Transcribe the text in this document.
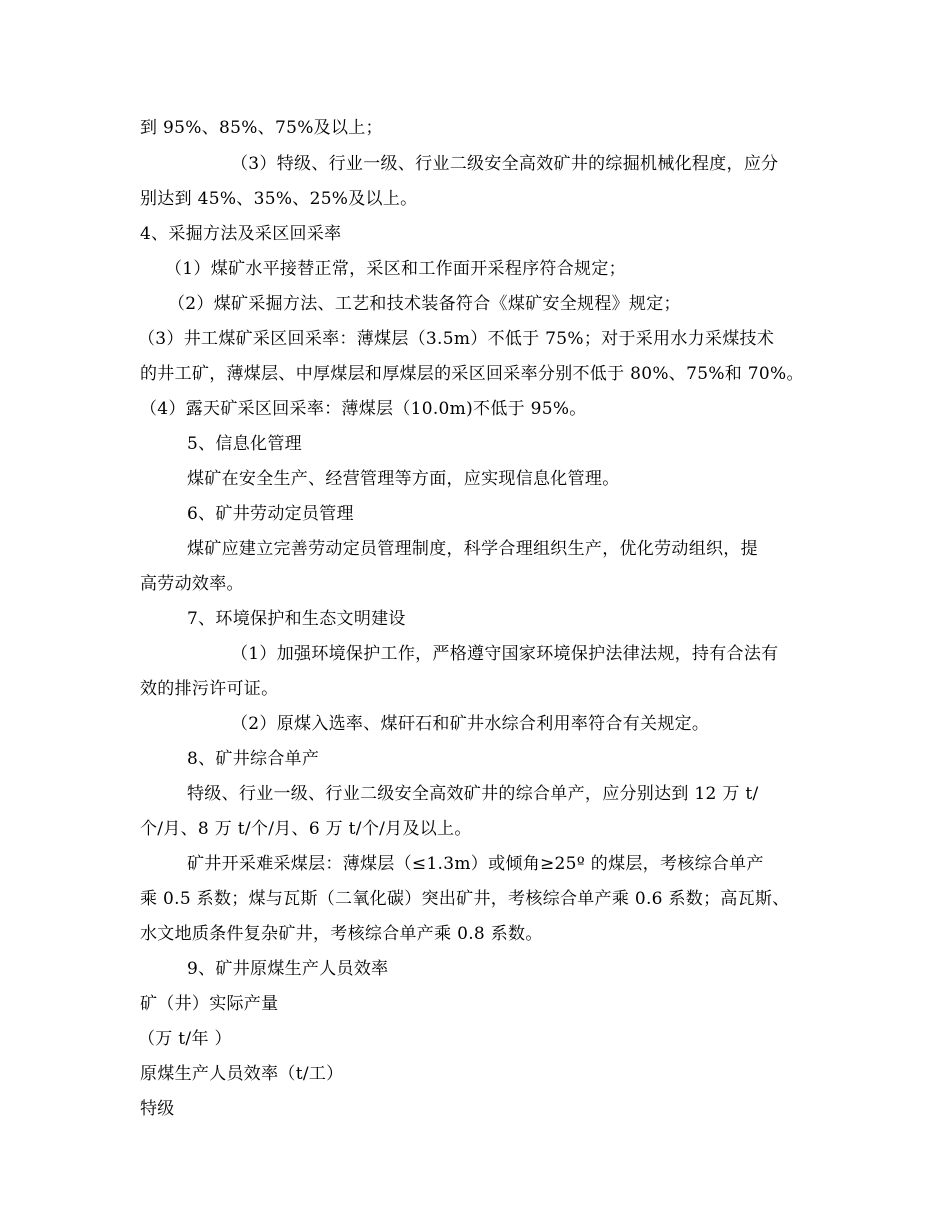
到 95%、85%、75%及以上；
（3）特级、行业一级、行业二级安全高效矿井的综掘机械化程度，应分
别达到 45%、35%、25%及以上。
4、采掘方法及采区回采率
（1）煤矿水平接替正常，采区和工作面开采程序符合规定；
（2）煤矿采掘方法、工艺和技术装备符合《煤矿安全规程》规定；
（3）井工煤矿采区回采率：薄煤层（3.5m）不低于 75%；对于采用水力采煤技术
的井工矿，薄煤层、中厚煤层和厚煤层的采区回采率分别不低于 80%、75%和 70%。
（4）露天矿采区回采率：薄煤层（10.0m)不低于 95%。
5、信息化管理
煤矿在安全生产、经营管理等方面，应实现信息化管理。
6、矿井劳动定员管理
煤矿应建立完善劳动定员管理制度，科学合理组织生产，优化劳动组织，提
高劳动效率。
7、环境保护和生态文明建设
（1）加强环境保护工作，严格遵守国家环境保护法律法规，持有合法有
效的排污许可证。
（2）原煤入选率、煤矸石和矿井水综合利用率符合有关规定。
8、矿井综合单产
特级、行业一级、行业二级安全高效矿井的综合单产，应分别达到 12 万 t/
个/月、8 万 t/个/月、6 万 t/个/月及以上。
矿井开采难采煤层：薄煤层（≤1.3m）或倾角≥25º 的煤层，考核综合单产
乘 0.5 系数；煤与瓦斯（二氧化碳）突出矿井，考核综合单产乘 0.6 系数；高瓦斯、
水文地质条件复杂矿井，考核综合单产乘 0.8 系数。
9、矿井原煤生产人员效率
矿（井）实际产量
（万 t/年 ）
原煤生产人员效率（t/工）
特级
